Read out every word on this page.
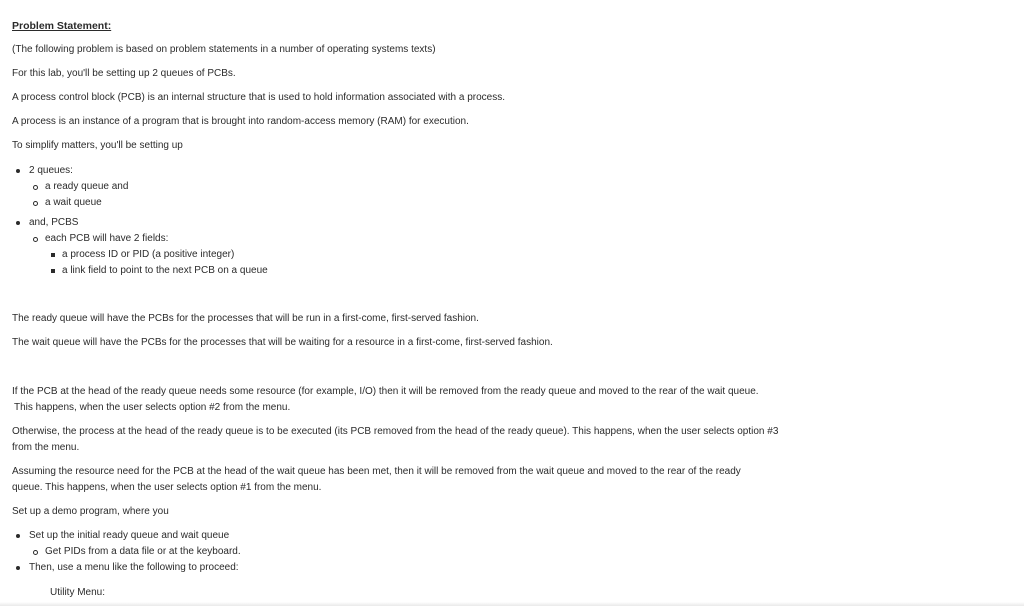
Problem Statement:
(The following problem is based on problem statements in a number of operating systems texts)
For this lab, you'll be setting up 2 queues of PCBs.
A process control block (PCB) is an internal structure that is used to hold information associated with a process.
A process is an instance of a program that is brought into random-access memory (RAM) for execution.
To simplify matters, you'll be setting up
2 queues:
a ready queue and
a wait queue
and, PCBS
each PCB will have 2 fields:
a process ID or PID (a positive integer)
a link field to point to the next PCB on a queue
The ready queue will have the PCBs for the processes that will be run in a first-come, first-served fashion.
The wait queue will have the PCBs for the processes that will be waiting for a resource in a first-come, first-served fashion.
If the PCB at the head of the ready queue needs some resource (for example, I/O) then it will be removed from the ready queue and moved to the rear of the wait queue.
This happens, when the user selects option #2 from the menu.
Otherwise, the process at the head of the ready queue is to be executed (its PCB removed from the head of the ready queue). This happens, when the user selects option #3
from the menu.
Assuming the resource need for the PCB at the head of the wait queue has been met, then it will be removed from the wait queue and moved to the rear of the ready
queue. This happens, when the user selects option #1 from the menu.
Set up a demo program, where you
Set up the initial ready queue and wait queue
Get PIDs from a data file or at the keyboard.
Then, use a menu like the following to proceed:
Utility Menu:
